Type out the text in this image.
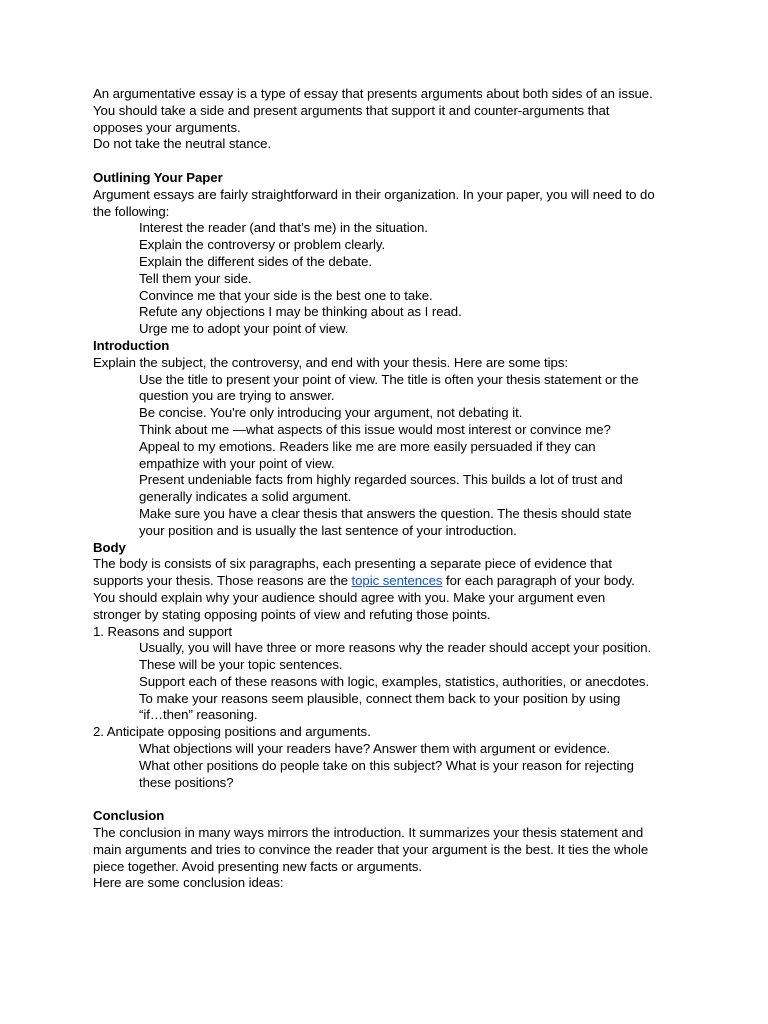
An argumentative essay is a type of essay that presents arguments about both sides of an issue.

You should take a side and present arguments that support it and counter-arguments that

opposes your arguments.

Do not take the neutral stance.

Outlining Your Paper

Argument essays are fairly straightforward in their organization. In your paper, you will need to do

the following:

Interest the reader (and that’s me) in the situation.

Explain the controversy or problem clearly.

Explain the different sides of the debate.

Tell them your side.

Convince me that your side is the best one to take.

Refute any objections I may be thinking about as I read.

Urge me to adopt your point of view.

Introduction

Explain the subject, the controversy, and end with your thesis. Here are some tips:

Use the title to present your point of view. The title is often your thesis statement or the

question you are trying to answer.

Be concise. You're only introducing your argument, not debating it.

Think about me —what aspects of this issue would most interest or convince me?

Appeal to my emotions. Readers like me are more easily persuaded if they can

empathize with your point of view.

Present undeniable facts from highly regarded sources. This builds a lot of trust and

generally indicates a solid argument.

Make sure you have a clear thesis that answers the question. The thesis should state

your position and is usually the last sentence of your introduction.

Body

The body is consists of six paragraphs, each presenting a separate piece of evidence that

supports your thesis. Those reasons are the topic sentences for each paragraph of your body.

You should explain why your audience should agree with you. Make your argument even

stronger by stating opposing points of view and refuting those points.

1. Reasons and support

Usually, you will have three or more reasons why the reader should accept your position.

These will be your topic sentences.

Support each of these reasons with logic, examples, statistics, authorities, or anecdotes.

To make your reasons seem plausible, connect them back to your position by using

“if…then” reasoning.

2. Anticipate opposing positions and arguments.

What objections will your readers have? Answer them with argument or evidence.

What other positions do people take on this subject? What is your reason for rejecting

these positions?

Conclusion

The conclusion in many ways mirrors the introduction. It summarizes your thesis statement and

main arguments and tries to convince the reader that your argument is the best. It ties the whole

piece together. Avoid presenting new facts or arguments.

Here are some conclusion ideas:
